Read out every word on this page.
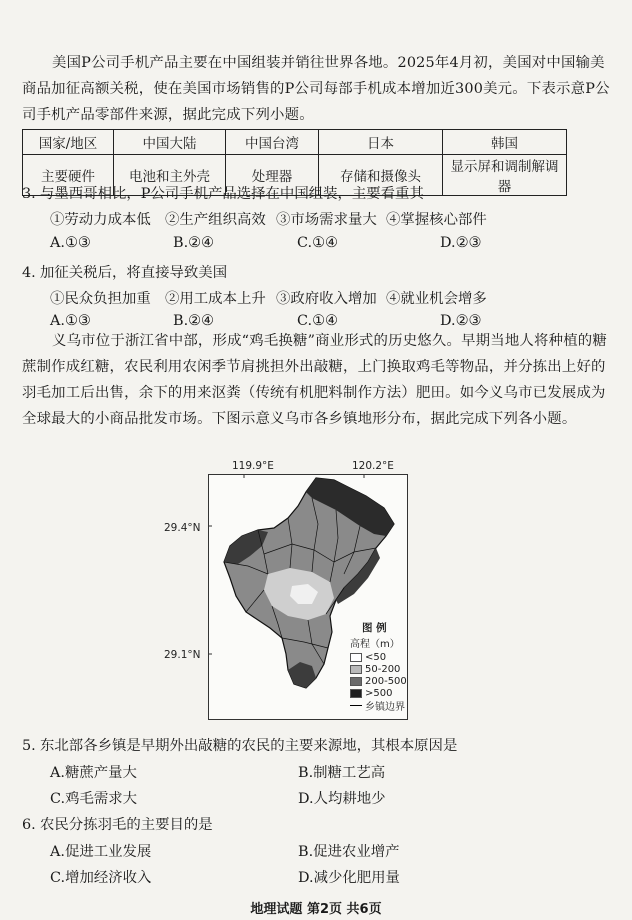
美国P公司手机产品主要在中国组装并销往世界各地。2025年4月初，美国对中国输美商品加征高额关税，使在美国市场销售的P公司每部手机成本增加近300美元。下表示意P公司手机产品零部件来源，据此完成下列小题。
国家/地区	中国大陆	中国台湾	日本	韩国
主要硬件	电池和主外壳	处理器	存储和摄像头	显示屏和调制解调器
3. 与墨西哥相比，P公司手机产品选择在中国组装，主要看重其
①劳动力成本低 ②生产组织高效 ③市场需求量大 ④掌握核心部件
A.①③	B.②④	C.①④	D.②③
4. 加征关税后，将直接导致美国
①民众负担加重 ②用工成本上升 ③政府收入增加 ④就业机会增多
A.①③	B.②④	C.①④	D.②③
义乌市位于浙江省中部，形成“鸡毛换糖”商业形式的历史悠久。早期当地人将种植的糖蔗制作成红糖，农民利用农闲季节肩挑担外出敲糖，上门换取鸡毛等物品，并分拣出上好的羽毛加工后出售，余下的用来沤粪（传统有机肥料制作方法）肥田。如今义乌市已发展成为全球最大的小商品批发市场。下图示意义乌市各乡镇地形分布，据此完成下列各小题。
119.9°E	120.2°E
29.4°N
29.1°N
图 例
高程（m）
<50
50-200
200-500
>500
乡镇边界
5. 东北部各乡镇是早期外出敲糖的农民的主要来源地，其根本原因是
A.糖蔗产量大	B.制糖工艺高
C.鸡毛需求大	D.人均耕地少
6. 农民分拣羽毛的主要目的是
A.促进工业发展	B.促进农业增产
C.增加经济收入	D.减少化肥用量
地理试题 第2页 共6页
